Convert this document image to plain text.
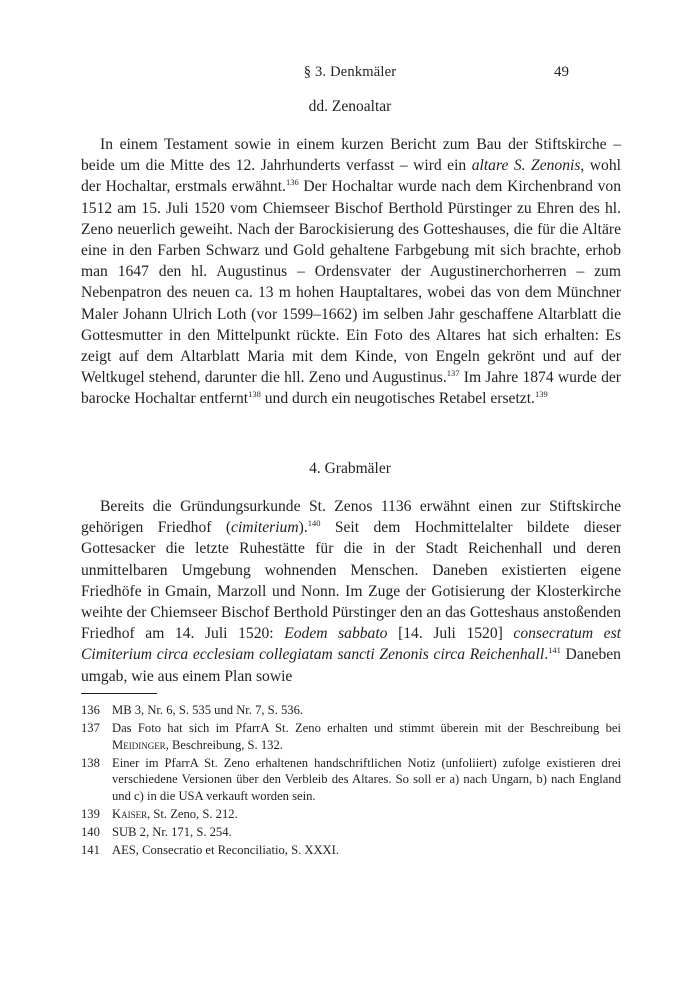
§ 3. Denkmäler	49
dd. Zenoaltar

In einem Testament sowie in einem kurzen Bericht zum Bau der Stiftskirche – beide um die Mitte des 12. Jahrhunderts verfasst – wird ein altare S. Zenonis, wohl der Hochaltar, erstmals erwähnt.$^{136}$ Der Hochaltar wurde nach dem Kirchenbrand von 1512 am 15. Juli 1520 vom Chiemseer Bischof Berthold Pürstinger zu Ehren des hl. Zeno neuerlich geweiht. Nach der Barockisierung des Gotteshauses, die für die Altäre eine in den Farben Schwarz und Gold gehaltene Farbgebung mit sich brachte, erhob man 1647 den hl. Augustinus – Ordensvater der Augustinerchorherren – zum Nebenpatron des neuen ca. 13 m hohen Hauptaltares, wobei das von dem Münchner Maler Johann Ulrich Loth (vor 1599–1662) im selben Jahr geschaffene Altarblatt die Gottesmutter in den Mittelpunkt rückte. Ein Foto des Altares hat sich erhalten: Es zeigt auf dem Altarblatt Maria mit dem Kinde, von Engeln gekrönt und auf der Weltkugel stehend, darunter die hll. Zeno und Augustinus.$^{137}$ Im Jahre 1874 wurde der barocke Hochaltar entfernt$^{138}$ und durch ein neugotisches Retabel ersetzt.$^{139}$

4. Grabmäler

Bereits die Gründungsurkunde St. Zenos 1136 erwähnt einen zur Stiftskirche gehörigen Friedhof (cimiterium).$^{140}$ Seit dem Hochmittelalter bildete dieser Gottesacker die letzte Ruhestätte für die in der Stadt Reichenhall und deren unmittelbaren Umgebung wohnenden Menschen. Daneben existierten eigene Friedhöfe in Gmain, Marzoll und Nonn. Im Zuge der Gotisierung der Klosterkirche weihte der Chiemseer Bischof Berthold Pürstinger den an das Gotteshaus anstoßenden Friedhof am 14. Juli 1520: Eodem sabbato [14. Juli 1520] consecratum est Cimiterium circa ecclesiam collegiatam sancti Zenonis circa Reichenhall.$^{141}$ Daneben umgab, wie aus einem Plan sowie

136 MB 3, Nr. 6, S. 535 und Nr. 7, S. 536.
137 Das Foto hat sich im PfarrA St. Zeno erhalten und stimmt überein mit der Beschreibung bei Meidinger, Beschreibung, S. 132.
138 Einer im PfarrA St. Zeno erhaltenen handschriftlichen Notiz (unfoliiert) zufolge existieren drei verschiedene Versionen über den Verbleib des Altares. So soll er a) nach Ungarn, b) nach England und c) in die USA verkauft worden sein.
139 Kaiser, St. Zeno, S. 212.
140 SUB 2, Nr. 171, S. 254.
141 AES, Consecratio et Reconciliatio, S. XXXI.
